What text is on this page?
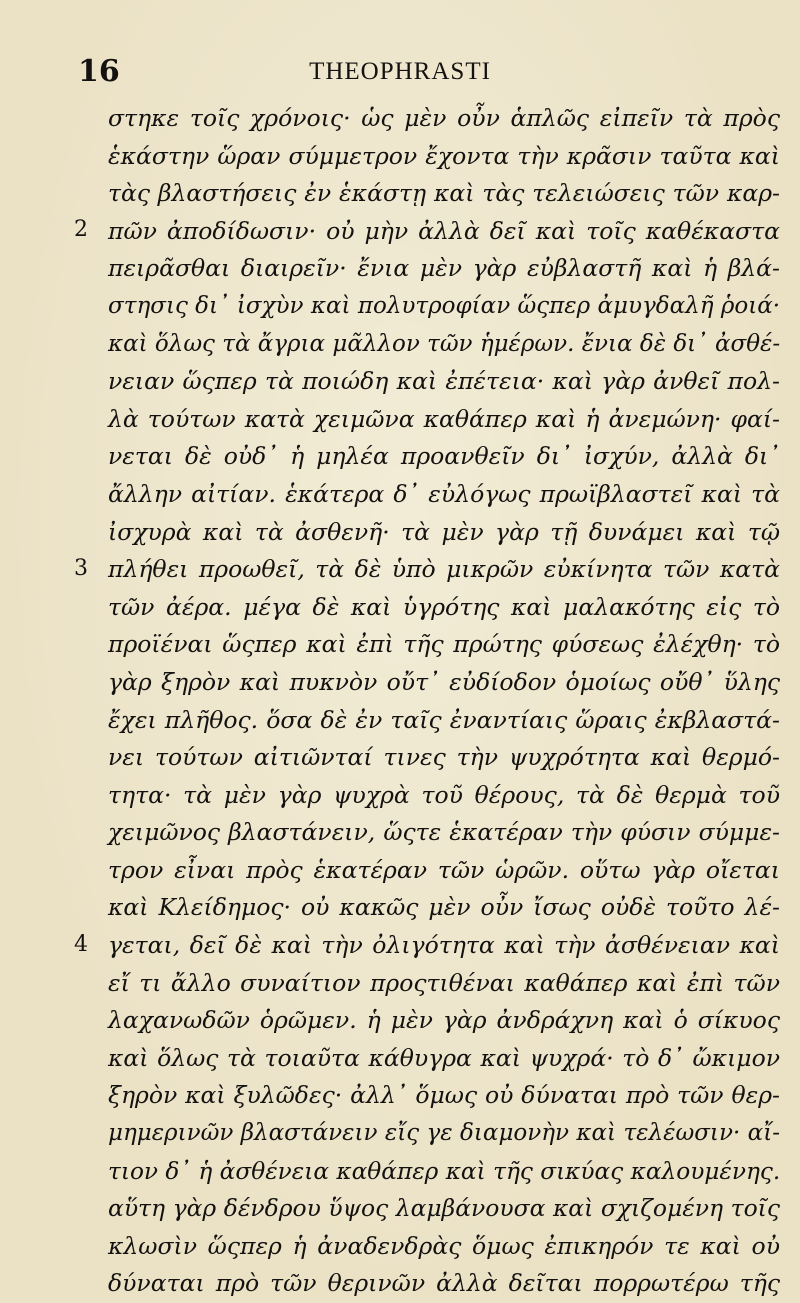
16	THEOPHRASTI
2
3
4
στηκε τοῖς χρόνοις· ὡς μὲν οὖν ἁπλῶς εἰπεῖν τὰ πρὸς
ἑκάστην ὥραν σύμμετρον ἔχοντα τὴν κρᾶσιν ταῦτα καὶ
τὰς βλαστήσεις ἐν ἑκάστῃ καὶ τὰς τελειώσεις τῶν καρ-
πῶν ἀποδίδωσιν· οὐ μὴν ἀλλὰ δεῖ καὶ τοῖς καθέκαστα
πειρᾶσθαι διαιρεῖν· ἔνια μὲν γὰρ εὐβλαστῆ καὶ ἡ βλά-
στησις δι᾽ ἰσχὺν καὶ πολυτροφίαν ὥςπερ ἀμυγδαλῆ ῥοιά·
καὶ ὅλως τὰ ἄγρια μᾶλλον τῶν ἡμέρων. ἔνια δὲ δι᾽ ἀσθέ-
νειαν ὥςπερ τὰ ποιώδη καὶ ἐπέτεια· καὶ γὰρ ἀνθεῖ πολ-
λὰ τούτων κατὰ χειμῶνα καθάπερ καὶ ἡ ἀνεμώνη· φαί-
νεται δὲ οὐδ᾽ ἡ μηλέα προανθεῖν δι᾽ ἰσχύν, ἀλλὰ δι᾽
ἄλλην αἰτίαν. ἑκάτερα δ᾽ εὐλόγως πρωϊβλαστεῖ καὶ τὰ
ἰσχυρὰ καὶ τὰ ἀσθενῆ· τὰ μὲν γὰρ τῇ δυνάμει καὶ τῷ
πλήθει προωθεῖ, τὰ δὲ ὑπὸ μικρῶν εὐκίνητα τῶν κατὰ
τῶν ἀέρα. μέγα δὲ καὶ ὑγρότης καὶ μαλακότης εἰς τὸ
προϊέναι ὥςπερ καὶ ἐπὶ τῆς πρώτης φύσεως ἐλέχθη· τὸ
γὰρ ξηρὸν καὶ πυκνὸν οὔτ᾽ εὐδίοδον ὁμοίως οὔθ᾽ ὕλης
ἔχει πλῆθος. ὅσα δὲ ἐν ταῖς ἐναντίαις ὥραις ἐκβλαστά-
νει τούτων αἰτιῶνταί τινες τὴν ψυχρότητα καὶ θερμό-
τητα· τὰ μὲν γὰρ ψυχρὰ τοῦ θέρους, τὰ δὲ θερμὰ τοῦ
χειμῶνος βλαστάνειν, ὥςτε ἑκατέραν τὴν φύσιν σύμμε-
τρον εἶναι πρὸς ἑκατέραν τῶν ὡρῶν. οὕτω γὰρ οἴεται
καὶ Κλείδημος· οὐ κακῶς μὲν οὖν ἴσως οὐδὲ τοῦτο λέ-
γεται, δεῖ δὲ καὶ τὴν ὀλιγότητα καὶ τὴν ἀσθένειαν καὶ
εἴ τι ἄλλο συναίτιον προςτιθέναι καθάπερ καὶ ἐπὶ τῶν
λαχανωδῶν ὁρῶμεν. ἡ μὲν γὰρ ἀνδράχνη καὶ ὁ σίκυος
καὶ ὅλως τὰ τοιαῦτα κάθυγρα καὶ ψυχρά· τὸ δ᾽ ὤκιμον
ξηρὸν καὶ ξυλῶδες· ἀλλ᾽ ὅμως οὐ δύναται πρὸ τῶν θερ-
μημερινῶν βλαστάνειν εἴς γε διαμονὴν καὶ τελέωσιν· αἴ-
τιον δ᾽ ἡ ἀσθένεια καθάπερ καὶ τῆς σικύας καλουμένης.
αὕτη γὰρ δένδρου ὕψος λαμβάνουσα καὶ σχιζομένη τοῖς
κλωσὶν ὥςπερ ἡ ἀναδενδρὰς ὅμως ἐπικηρόν τε καὶ οὐ
δύναται πρὸ τῶν θερινῶν ἀλλὰ δεῖται πορρωτέρω τῆς
